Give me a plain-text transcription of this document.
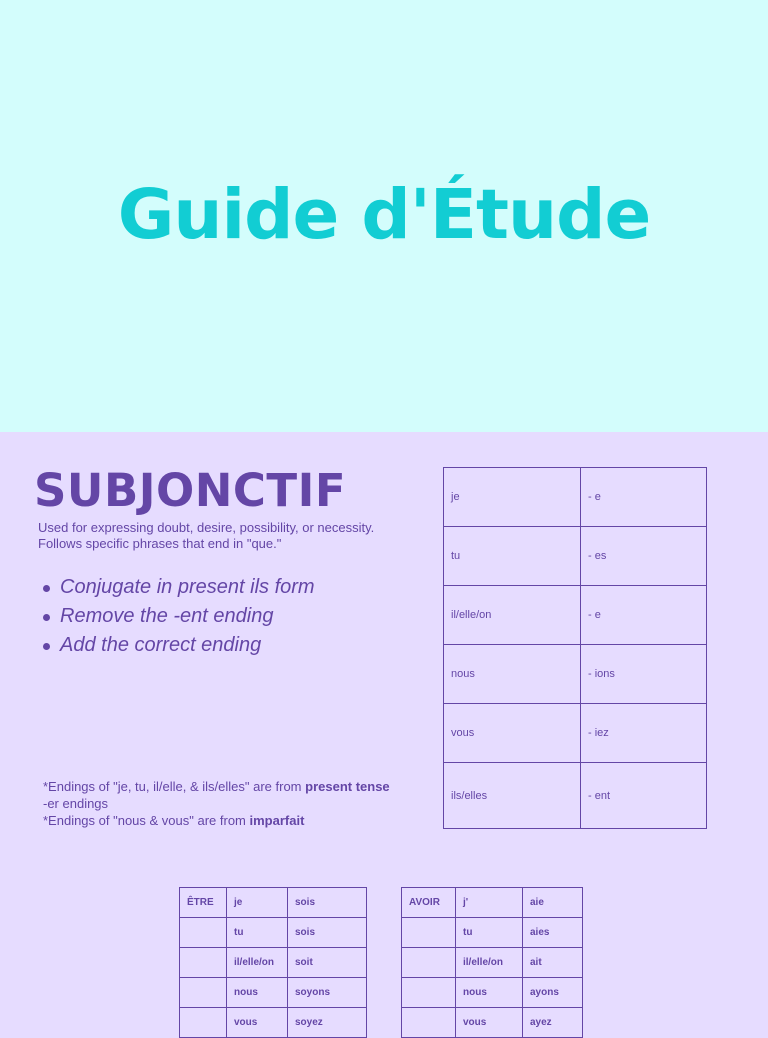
Guide d'Étude
SUBJONCTIF

Used for expressing doubt, desire, possibility, or necessity.
Follows specific phrases that end in "que."

Conjugate in present ils form
Remove the -ent ending
Add the correct ending

*Endings of "je, tu, il/elle, & ils/elles" are from present tense
-er endings
*Endings of "nous & vous" are from imparfait

je	- e
tu	- es
il/elle/on	- e
nous	- ions
vous	- iez
ils/elles	- ent
ÊTRE	je	sois
	tu	sois
	il/elle/on	soit
	nous	soyons
	vous	soyez
AVOIR	j'	aie
	tu	aies
	il/elle/on	ait
	nous	ayons
	vous	ayez
